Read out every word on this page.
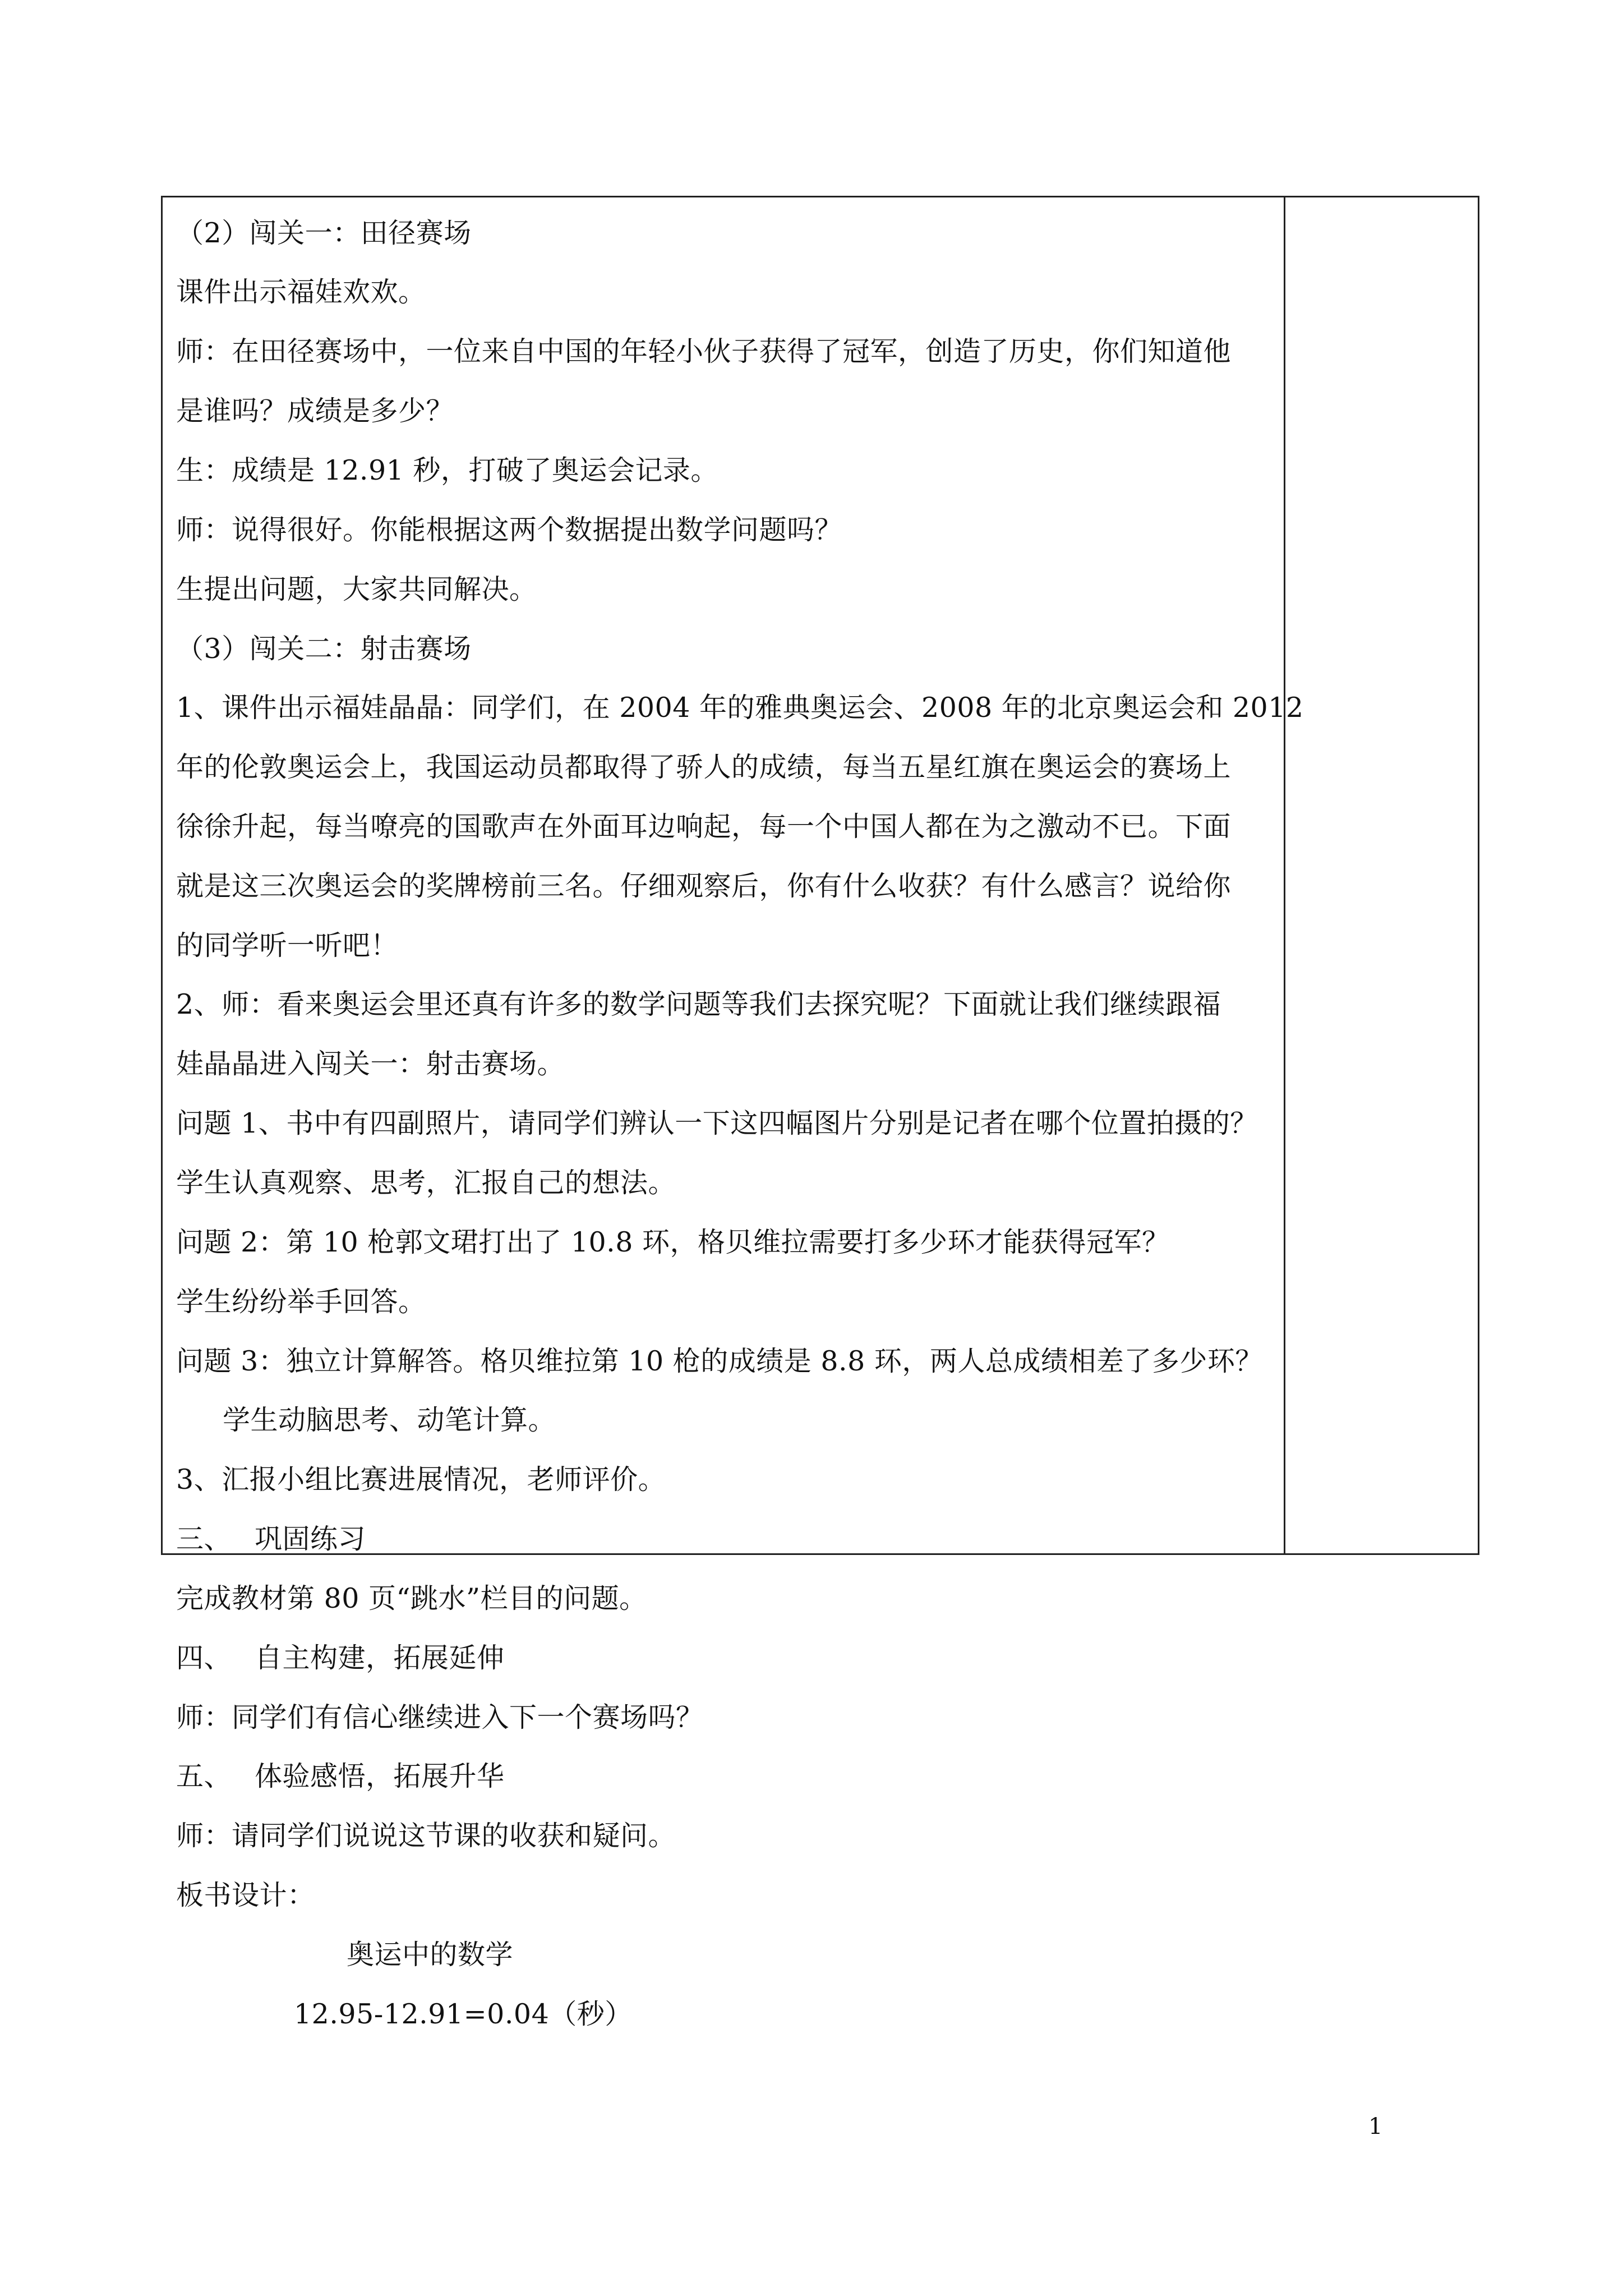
（2）闯关一：田径赛场
课件出示福娃欢欢。
师：在田径赛场中，一位来自中国的年轻小伙子获得了冠军，创造了历史，你们知道他
是谁吗？成绩是多少？
生：成绩是 12.91 秒，打破了奥运会记录。
师：说得很好。你能根据这两个数据提出数学问题吗？
生提出问题，大家共同解决。
（3）闯关二：射击赛场
1、课件出示福娃晶晶：同学们，在 2004 年的雅典奥运会、2008 年的北京奥运会和 2012
年的伦敦奥运会上，我国运动员都取得了骄人的成绩，每当五星红旗在奥运会的赛场上
徐徐升起，每当嘹亮的国歌声在外面耳边响起，每一个中国人都在为之激动不已。下面
就是这三次奥运会的奖牌榜前三名。仔细观察后，你有什么收获？有什么感言？说给你
的同学听一听吧！
2、师：看来奥运会里还真有许多的数学问题等我们去探究呢？下面就让我们继续跟福
娃晶晶进入闯关一：射击赛场。
问题 1、书中有四副照片，请同学们辨认一下这四幅图片分别是记者在哪个位置拍摄的？
学生认真观察、思考，汇报自己的想法。
问题 2：第 10 枪郭文珺打出了 10.8 环，格贝维拉需要打多少环才能获得冠军？
学生纷纷举手回答。
问题 3：独立计算解答。格贝维拉第 10 枪的成绩是 8.8 环，两人总成绩相差了多少环？
学生动脑思考、动笔计算。
3、汇报小组比赛进展情况，老师评价。
三、 巩固练习
完成教材第 80 页“跳水”栏目的问题。
四、 自主构建，拓展延伸
师：同学们有信心继续进入下一个赛场吗？
五、 体验感悟，拓展升华
师：请同学们说说这节课的收获和疑问。
板书设计：
奥运中的数学
12.95-12.91=0.04（秒）
1
